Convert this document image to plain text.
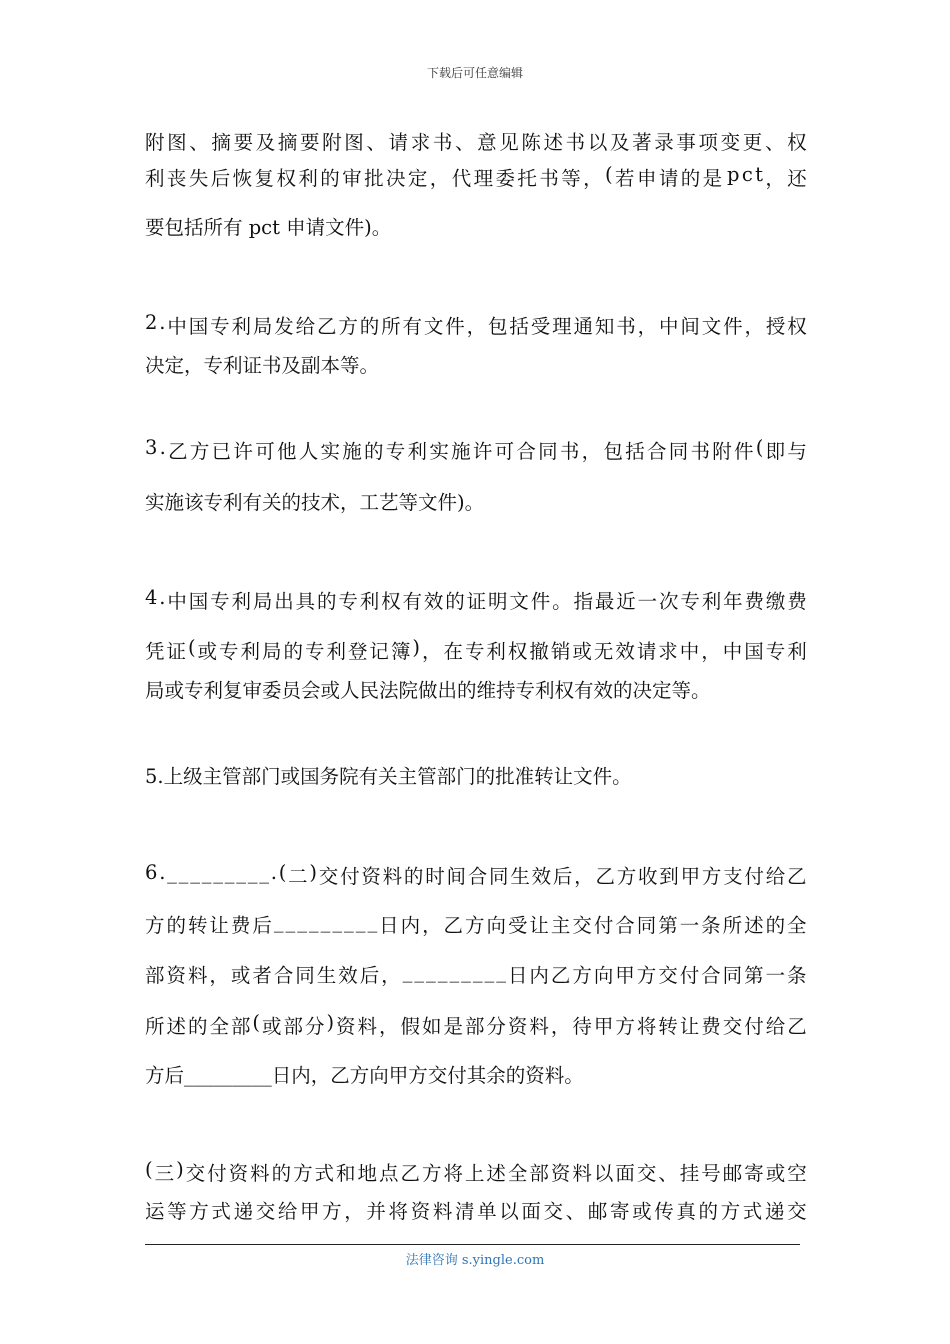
下载后可任意编辑
附 图 、 摘 要 及 摘 要 附 图 、 请 求 书 、 意 见 陈 述 书 以 及 著 录 事 项 变 更 、 权
利 丧 失 后 恢 复 权 利 的 审 批 决 定 ， 代 理 委 托 书 等 ， ( 若 申 请 的 是 p c t ， 还
要包括所有 pct 申请文件)。
2 . 中 国 专 利 局 发 给 乙 方 的 所 有 文 件 ， 包 括 受 理 通 知 书 ， 中 间 文 件 ， 授 权
决定，专利证书及副本等。
3 . 乙 方 已 许 可 他 人 实 施 的 专 利 实 施 许 可 合 同 书 ， 包 括 合 同 书 附 件 ( 即 与
实施该专利有关的技术，工艺等文件)。
4 . 中 国 专 利 局 出 具 的 专 利 权 有 效 的 证 明 文 件 。 指 最 近 一 次 专 利 年 费 缴 费
凭 证 ( 或 专 利 局 的 专 利 登 记 簿 ) ， 在 专 利 权 撤 销 或 无 效 请 求 中 ， 中 国 专 利
局或专利复审委员会或人民法院做出的维持专利权有效的决定等。
5.上级主管部门或国务院有关主管部门的批准转让文件。
6 . _ _ _ _ _ _ _ _ _ . ( 二 ) 交 付 资 料 的 时 间 合 同 生 效 后 ， 乙 方 收 到 甲 方 支 付 给 乙
方 的 转 让 费 后 _ _ _ _ _ _ _ _ _ 日 内 ， 乙 方 向 受 让 主 交 付 合 同 第 一 条 所 述 的 全
部 资 料 ， 或 者 合 同 生 效 后 ， _ _ _ _ _ _ _ _ _ 日 内 乙 方 向 甲 方 交 付 合 同 第 一 条
所 述 的 全 部 ( 或 部 分 ) 资 料 ， 假 如 是 部 分 资 料 ， 待 甲 方 将 转 让 费 交 付 给 乙
方后_________日内，乙方向甲方交付其余的资料。
( 三 ) 交 付 资 料 的 方 式 和 地 点 乙 方 将 上 述 全 部 资 料 以 面 交 、 挂 号 邮 寄 或 空
运 等 方 式 递 交 给 甲 方 ， 并 将 资 料 清 单 以 面 交 、 邮 寄 或 传 真 的 方 式 递 交
法律咨询 s.yingle.com
